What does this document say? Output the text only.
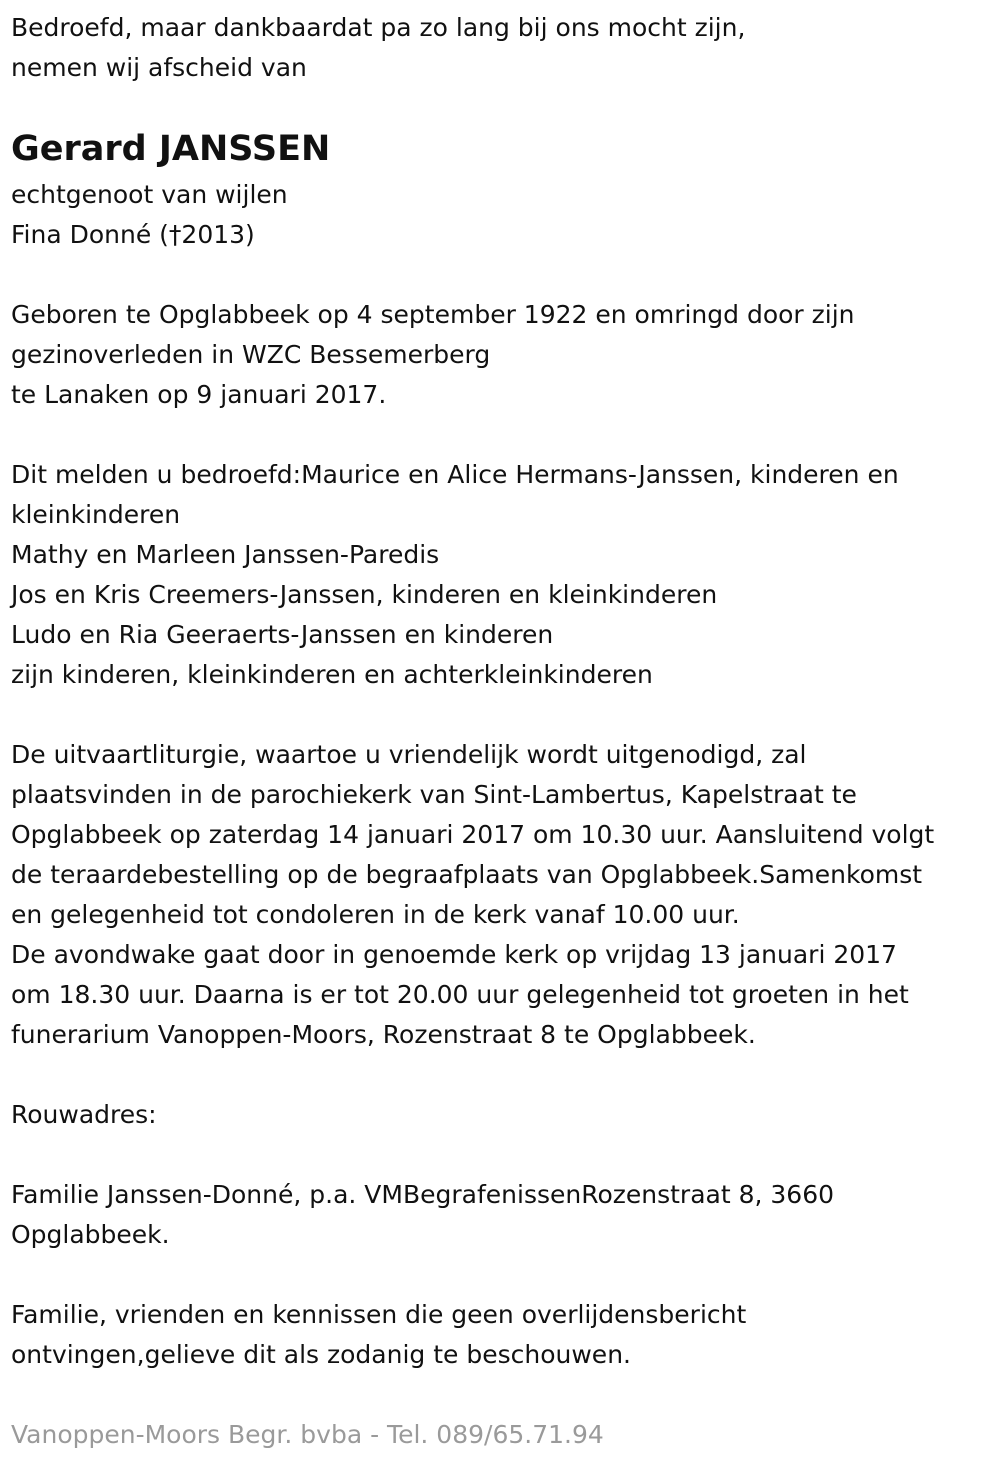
Bedroefd, maar dankbaardat pa zo lang bij ons mocht zijn,
nemen wij afscheid van
Gerard JANSSEN
echtgenoot van wijlen
Fina Donné (†2013)
Geboren te Opglabbeek op 4 september 1922 en omringd door zijn
gezinoverleden in WZC Bessemerberg
te Lanaken op 9 januari 2017.
Dit melden u bedroefd:Maurice en Alice Hermans-Janssen, kinderen en
kleinkinderen
Mathy en Marleen Janssen-Paredis
Jos en Kris Creemers-Janssen, kinderen en kleinkinderen
Ludo en Ria Geeraerts-Janssen en kinderen
zijn kinderen, kleinkinderen en achterkleinkinderen
De uitvaartliturgie, waartoe u vriendelijk wordt uitgenodigd, zal
plaatsvinden in de parochiekerk van Sint-Lambertus, Kapelstraat te
Opglabbeek op zaterdag 14 januari 2017 om 10.30 uur. Aansluitend volgt
de teraardebestelling op de begraafplaats van Opglabbeek.Samenkomst
en gelegenheid tot condoleren in de kerk vanaf 10.00 uur.
De avondwake gaat door in genoemde kerk op vrijdag 13 januari 2017
om 18.30 uur. Daarna is er tot 20.00 uur gelegenheid tot groeten in het
funerarium Vanoppen-Moors, Rozenstraat 8 te Opglabbeek.
Rouwadres:
Familie Janssen-Donné, p.a. VMBegrafenissenRozenstraat 8, 3660
Opglabbeek.
Familie, vrienden en kennissen die geen overlijdensbericht
ontvingen,gelieve dit als zodanig te beschouwen.
Vanoppen-Moors Begr. bvba - Tel. 089/65.71.94
